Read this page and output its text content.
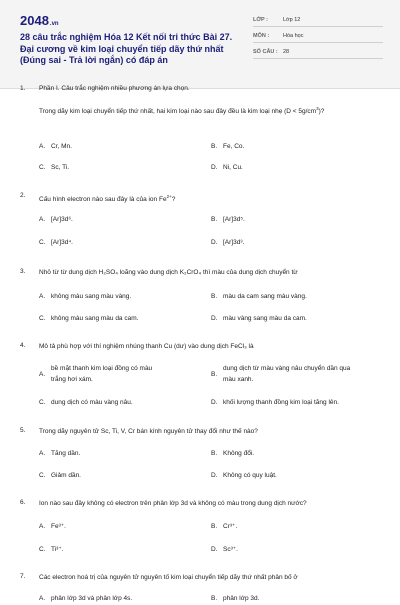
2048.vn
28 câu trắc nghiệm Hóa 12 Kết nối tri thức Bài 27. Đại cương về kim loại chuyển tiếp dãy thứ nhất (Đúng sai - Trả lời ngắn) có đáp án
LỚP :	Lớp 12
MÔN :	Hóa học
SỐ CÂU : 28
1. Phần I. Câu trắc nghiệm nhiều phương án lựa chọn.
Trong dãy kim loại chuyển tiếp thứ nhất, hai kim loại nào sau đây đều là kim loại nhẹ $(D < 5g/cm^3)$?
A. Cr, Mn.	B. Fe, Co.
C. Sc, Ti.	D. Ni, Cu.
2.
Cấu hình electron nào sau đây là của ion $Fe^{2+}$?
A. [Ar]3d⁶.	B. [Ar]3d⁵.
C. [Ar]3d⁴.	D. [Ar]3d³.
3. Nhỏ từ từ dung dịch H₂SO₄ loãng vào dung dịch K₂CrO₄ thì màu của dung dịch chuyển từ
A. không màu sang màu vàng.	B. màu da cam sang màu vàng.
C. không màu sang màu da cam.	D. màu vàng sang màu da cam.
4. Mô tả phù hợp với thí nghiệm nhúng thanh Cu (dư) vào dung dịch FeCl₃ là
A.
bề mặt thanh kim loại đồng có màu trắng hơi xám.
B.
dung dịch từ màu vàng nâu chuyển dần qua màu xanh.
C. dung dịch có màu vàng nâu.	D. khối lượng thanh đồng kim loại tăng lên.
5. Trong dãy nguyên tử Sc, Ti, V, Cr bán kính nguyên tử thay đổi như thế nào?
A. Tăng dần.	B. Không đổi.
C. Giảm dần.	D. Không có quy luật.
6. Ion nào sau đây không có electron trên phân lớp 3d và không có màu trong dung dịch nước?
A. Fe³⁺.	B. Cr³⁺.
C. Ti³⁺.	D. Sc³⁺.
7. Các electron hoá trị của nguyên tử nguyên tố kim loại chuyển tiếp dãy thứ nhất phân bố ở
A. phân lớp 3d và phân lớp 4s.	B. phân lớp 3d.
